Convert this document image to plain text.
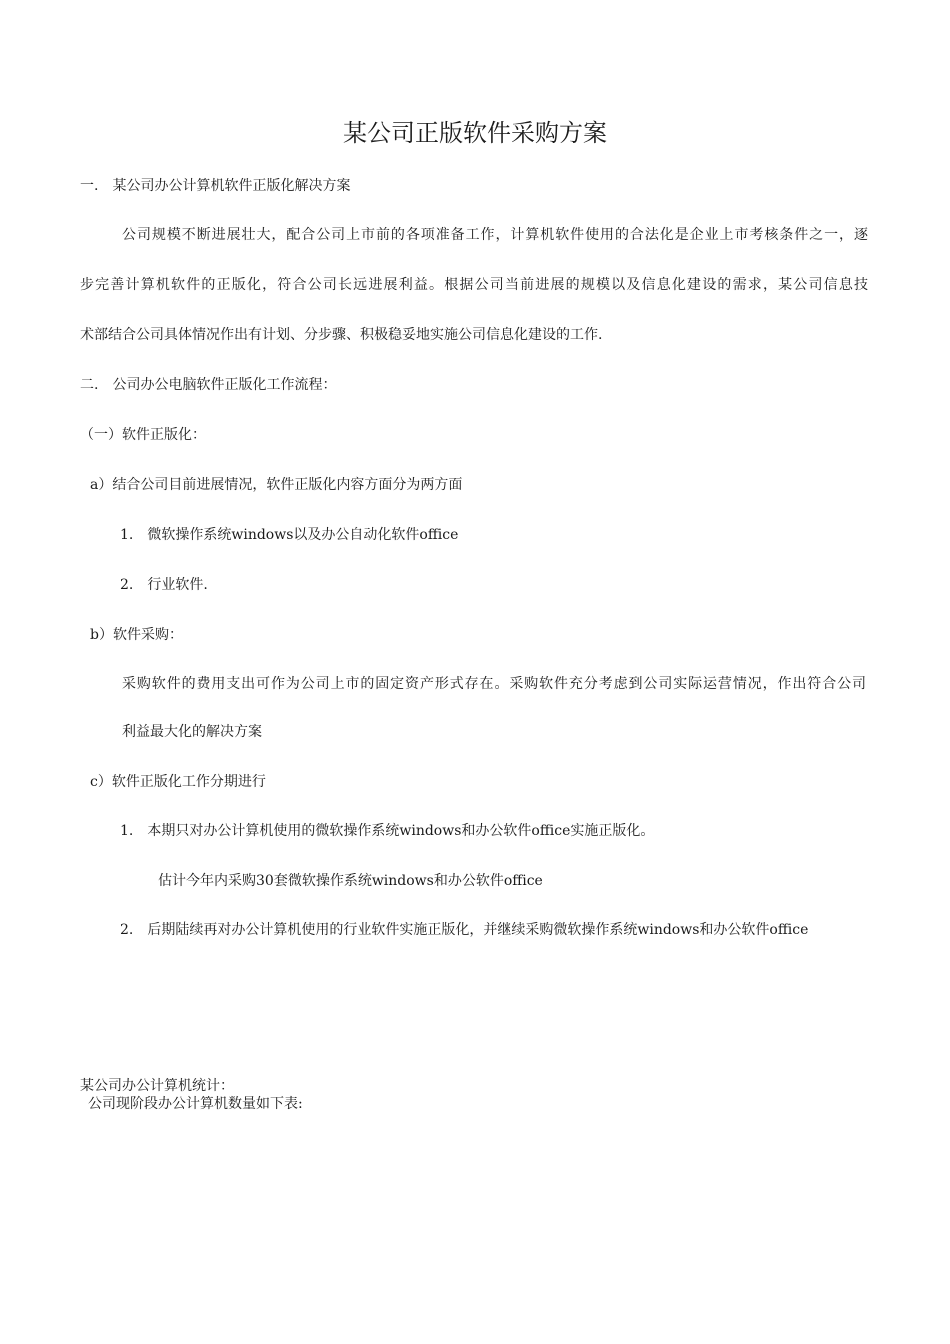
某公司正版软件采购方案
一.　某公司办公计算机软件正版化解决方案
公司规模不断进展壮大，配合公司上市前的各项准备工作，计算机软件使用的合法化是企业上市考核条件之一，逐
步完善计算机软件的正版化，符合公司长远进展利益。根据公司当前进展的规模以及信息化建设的需求，某公司信息技
术部结合公司具体情况作出有计划、分步骤、积极稳妥地实施公司信息化建设的工作.
二.　公司办公电脑软件正版化工作流程：
（一）软件正版化：
a）结合公司目前进展情况，软件正版化内容方面分为两方面
1.　微软操作系统windows以及办公自动化软件office
2.　行业软件.
b）软件采购：
采购软件的费用支出可作为公司上市的固定资产形式存在。采购软件充分考虑到公司实际运营情况，作出符合公司
利益最大化的解决方案
c）软件正版化工作分期进行
1.　本期只对办公计算机使用的微软操作系统windows和办公软件office实施正版化。
估计今年内采购30套微软操作系统windows和办公软件office
2.　后期陆续再对办公计算机使用的行业软件实施正版化，并继续采购微软操作系统windows和办公软件office
某公司办公计算机统计：
公司现阶段办公计算机数量如下表:
